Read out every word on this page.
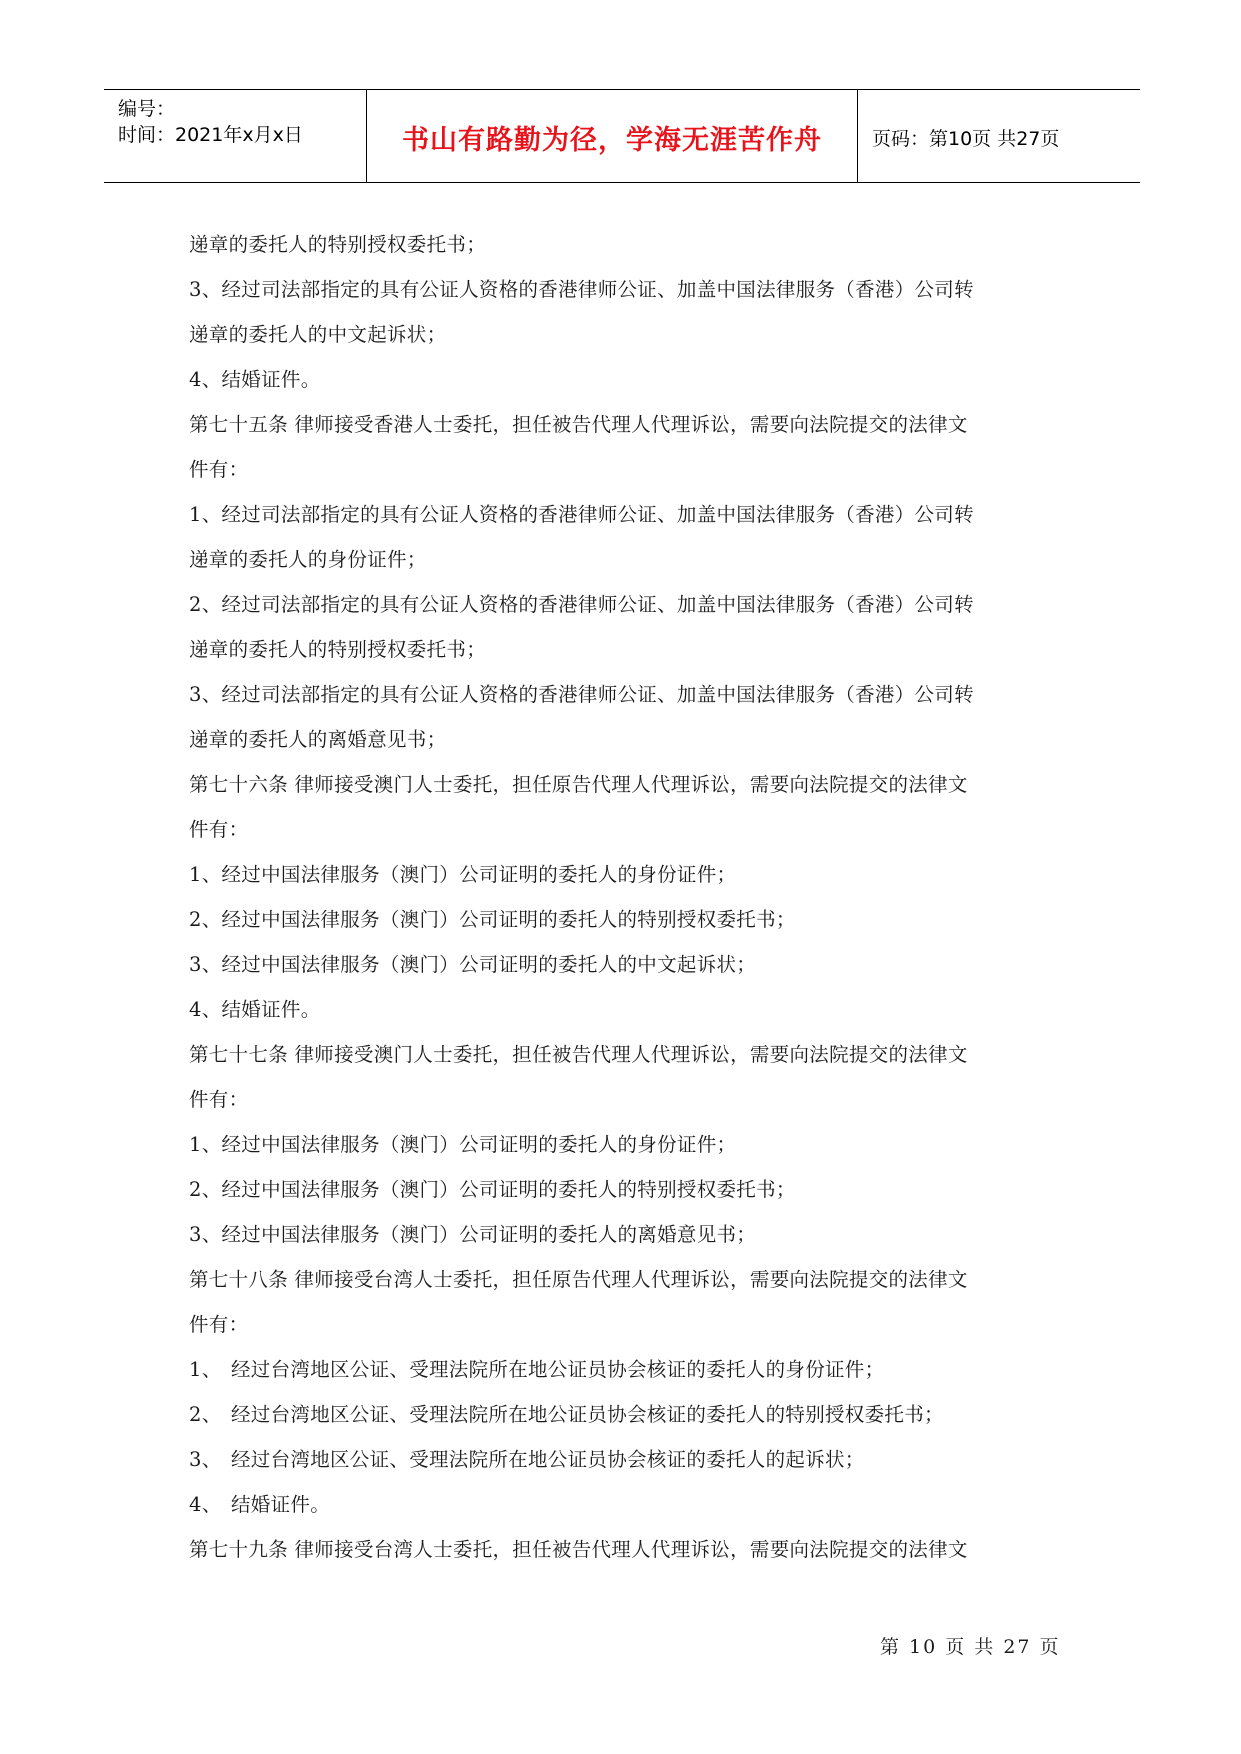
编号：
时间：2021年x月x日	书山有路勤为径，学海无涯苦作舟	页码：第10页 共27页
递章的委托人的特别授权委托书；
3、经过司法部指定的具有公证人资格的香港律师公证、加盖中国法律服务（香港）公司转
递章的委托人的中文起诉状；
4、结婚证件。
第七十五条 律师接受香港人士委托，担任被告代理人代理诉讼，需要向法院提交的法律文
件有：
1、经过司法部指定的具有公证人资格的香港律师公证、加盖中国法律服务（香港）公司转
递章的委托人的身份证件；
2、经过司法部指定的具有公证人资格的香港律师公证、加盖中国法律服务（香港）公司转
递章的委托人的特别授权委托书；
3、经过司法部指定的具有公证人资格的香港律师公证、加盖中国法律服务（香港）公司转
递章的委托人的离婚意见书；
第七十六条 律师接受澳门人士委托，担任原告代理人代理诉讼，需要向法院提交的法律文
件有：
1、经过中国法律服务（澳门）公司证明的委托人的身份证件；
2、经过中国法律服务（澳门）公司证明的委托人的特别授权委托书；
3、经过中国法律服务（澳门）公司证明的委托人的中文起诉状；
4、结婚证件。
第七十七条 律师接受澳门人士委托，担任被告代理人代理诉讼，需要向法院提交的法律文
件有：
1、经过中国法律服务（澳门）公司证明的委托人的身份证件；
2、经过中国法律服务（澳门）公司证明的委托人的特别授权委托书；
3、经过中国法律服务（澳门）公司证明的委托人的离婚意见书；
第七十八条 律师接受台湾人士委托，担任原告代理人代理诉讼，需要向法院提交的法律文
件有：
1、 经过台湾地区公证、受理法院所在地公证员协会核证的委托人的身份证件；
2、 经过台湾地区公证、受理法院所在地公证员协会核证的委托人的特别授权委托书；
3、 经过台湾地区公证、受理法院所在地公证员协会核证的委托人的起诉状；
4、 结婚证件。
第七十九条 律师接受台湾人士委托，担任被告代理人代理诉讼，需要向法院提交的法律文
第 10 页 共 27 页
